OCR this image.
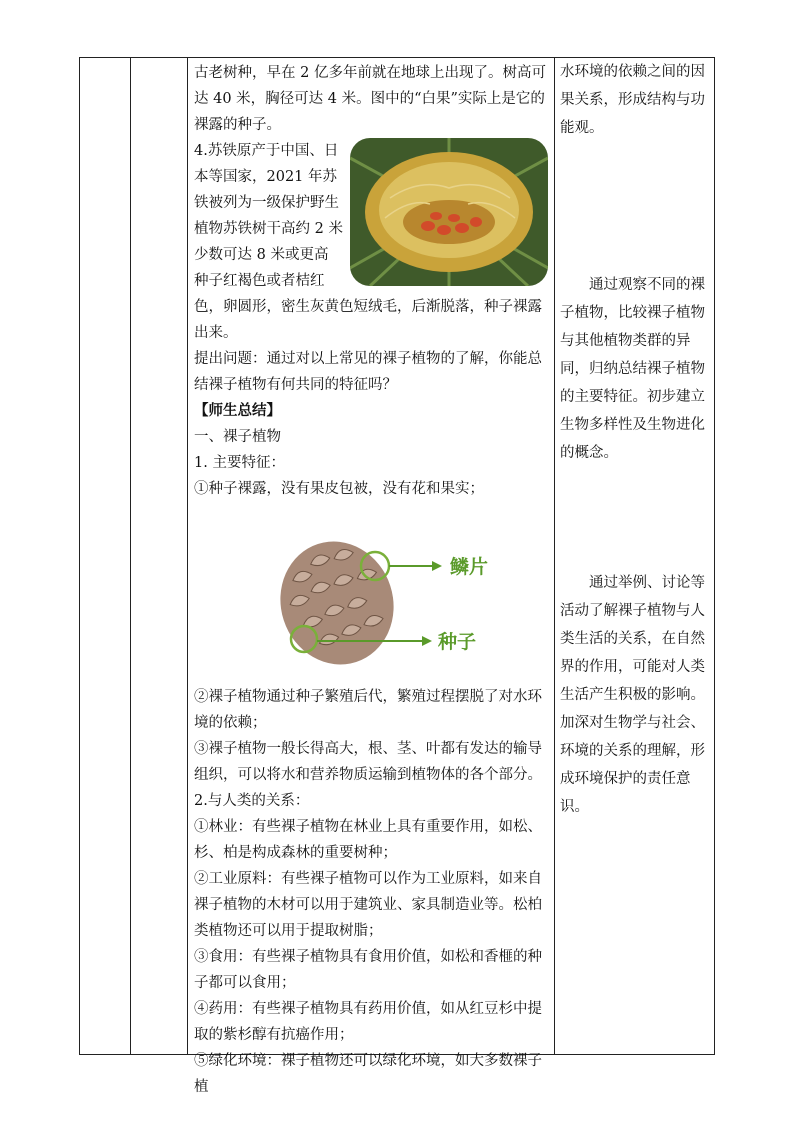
古老树种，早在 2 亿多年前就在地球上出现了。树高可达 40 米，胸径可达 4 米。图中的“白果”实际上是它的裸露的种子。

4.苏铁原产于中国、日本等国家，2021 年苏铁被列为一级保护野生植物苏铁树干高约 2 米少数可达 8 米或更高 种子红褐色或者桔红色，卵圆形，密生灰黄色短绒毛，后渐脱落，种子裸露出来。

提出问题：通过对以上常见的裸子植物的了解，你能总结裸子植物有何共同的特征吗？

【师生总结】

一、裸子植物

1. 主要特征：

①种子裸露，没有果皮包被，没有花和果实；

鳞片
种子

②裸子植物通过种子繁殖后代，繁殖过程摆脱了对水环境的依赖；

③裸子植物一般长得高大，根、茎、叶都有发达的输导组织，可以将水和营养物质运输到植物体的各个部分。

2.与人类的关系：

①林业：有些裸子植物在林业上具有重要作用，如松、杉、柏是构成森林的重要树种；

②工业原料：有些裸子植物可以作为工业原料，如来自裸子植物的木材可以用于建筑业、家具制造业等。松柏类植物还可以用于提取树脂；

③食用：有些裸子植物具有食用价值，如松和香榧的种子都可以食用；

④药用：有些裸子植物具有药用价值，如从红豆杉中提取的紫杉醇有抗癌作用；

⑤绿化环境：裸子植物还可以绿化环境，如大多数裸子植

水环境的依赖之间的因果关系，形成结构与功能观。

通过观察不同的裸子植物，比较裸子植物与其他植物类群的异同，归纳总结裸子植物的主要特征。初步建立生物多样性及生物进化的概念。

通过举例、讨论等活动了解裸子植物与人类生活的关系，在自然界的作用，可能对人类生活产生积极的影响。加深对生物学与社会、环境的关系的理解，形成环境保护的责任意识。
